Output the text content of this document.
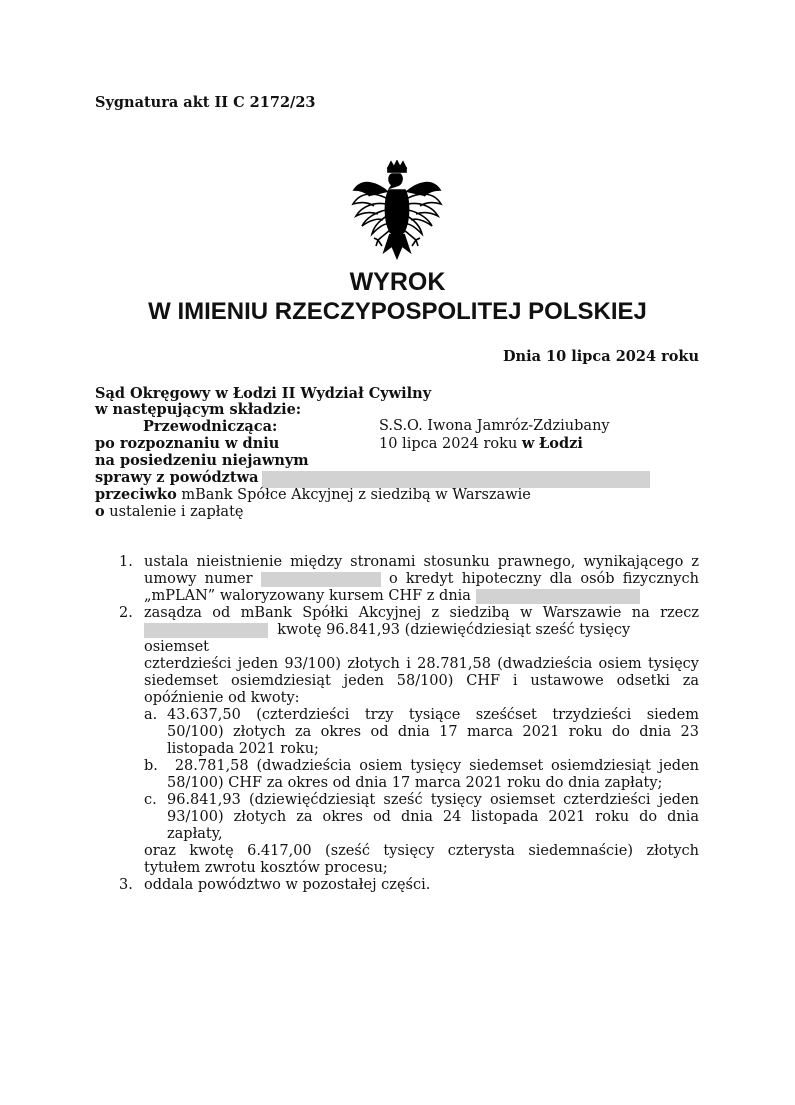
Sygnatura akt II C 2172/23
WYROK
W IMIENIU RZECZYPOSPOLITEJ POLSKIEJ
Dnia 10 lipca 2024 roku
Sąd Okręgowy w Łodzi II Wydział Cywilny
w następującym składzie:
Przewodnicząca:	S.S.O. Iwona Jamróz-Zdziubany
po rozpoznaniu w dniu	10 lipca 2024 roku w Łodzi
na posiedzeniu niejawnym
sprawy z powództwa
przeciwko mBank Spółce Akcyjnej z siedzibą w Warszawie
o ustalenie i zapłatę
1. ustala nieistnienie między stronami stosunku prawnego, wynikającego z
umowy numer	o kredyt hipoteczny dla osób fizycznych
„mPLAN” waloryzowany kursem CHF z dnia
2. zasądza od mBank Spółki Akcyjnej z siedzibą w Warszawie na rzecz
kwotę 96.841,93 (dziewięćdziesiąt sześć tysięcy osiemset
czterdzieści jeden 93/100) złotych i 28.781,58 (dwadzieścia osiem tysięcy
siedemset osiemdziesiąt jeden 58/100) CHF i ustawowe odsetki za
opóźnienie od kwoty:
a. 43.637,50 (czterdzieści trzy tysiące sześćset trzydzieści siedem
50/100) złotych za okres od dnia 17 marca 2021 roku do dnia 23
listopada 2021 roku;
b. 28.781,58 (dwadzieścia osiem tysięcy siedemset osiemdziesiąt jeden
58/100) CHF za okres od dnia 17 marca 2021 roku do dnia zapłaty;
c. 96.841,93 (dziewięćdziesiąt sześć tysięcy osiemset czterdzieści jeden
93/100) złotych za okres od dnia 24 listopada 2021 roku do dnia
zapłaty,
oraz kwotę 6.417,00 (sześć tysięcy czterysta siedemnaście) złotych
tytułem zwrotu kosztów procesu;
3. oddala powództwo w pozostałej części.
